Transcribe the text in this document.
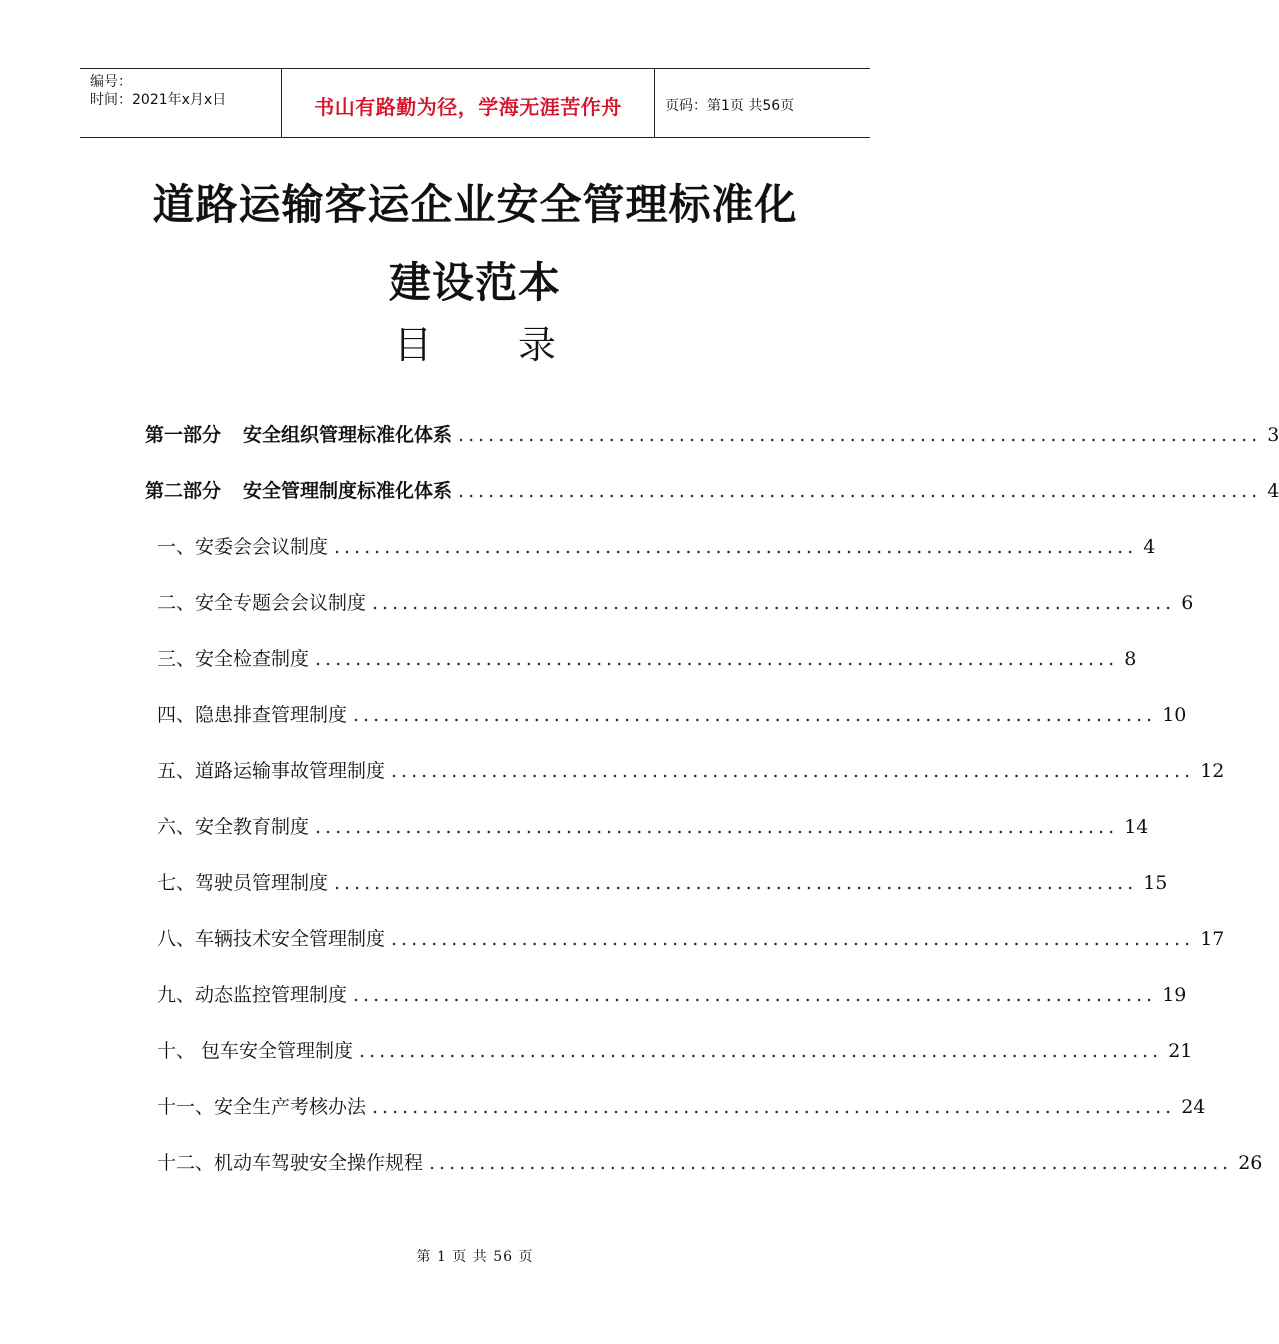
编号：
时间：2021年x月x日	书山有路勤为径，学海无涯苦作舟	页码：第1页 共56页
道路运输客运企业安全管理标准化
建设范本
目录
第一部分 安全组织管理标准化体系 ................................................................................ 3
第二部分 安全管理制度标准化体系 ................................................................................ 4
一、安委会会议制度 ................................................................................ 4
二、安全专题会会议制度 ................................................................................ 6
三、安全检查制度 ................................................................................ 8
四、隐患排查管理制度 ................................................................................ 10
五、道路运输事故管理制度 ................................................................................ 12
六、安全教育制度 ................................................................................ 14
七、驾驶员管理制度 ................................................................................ 15
八、车辆技术安全管理制度 ................................................................................ 17
九、动态监控管理制度 ................................................................................ 19
十、 包车安全管理制度 ................................................................................ 21
十一、安全生产考核办法 ................................................................................ 24
十二、机动车驾驶安全操作规程 ................................................................................ 26
第 1 页 共 56 页
